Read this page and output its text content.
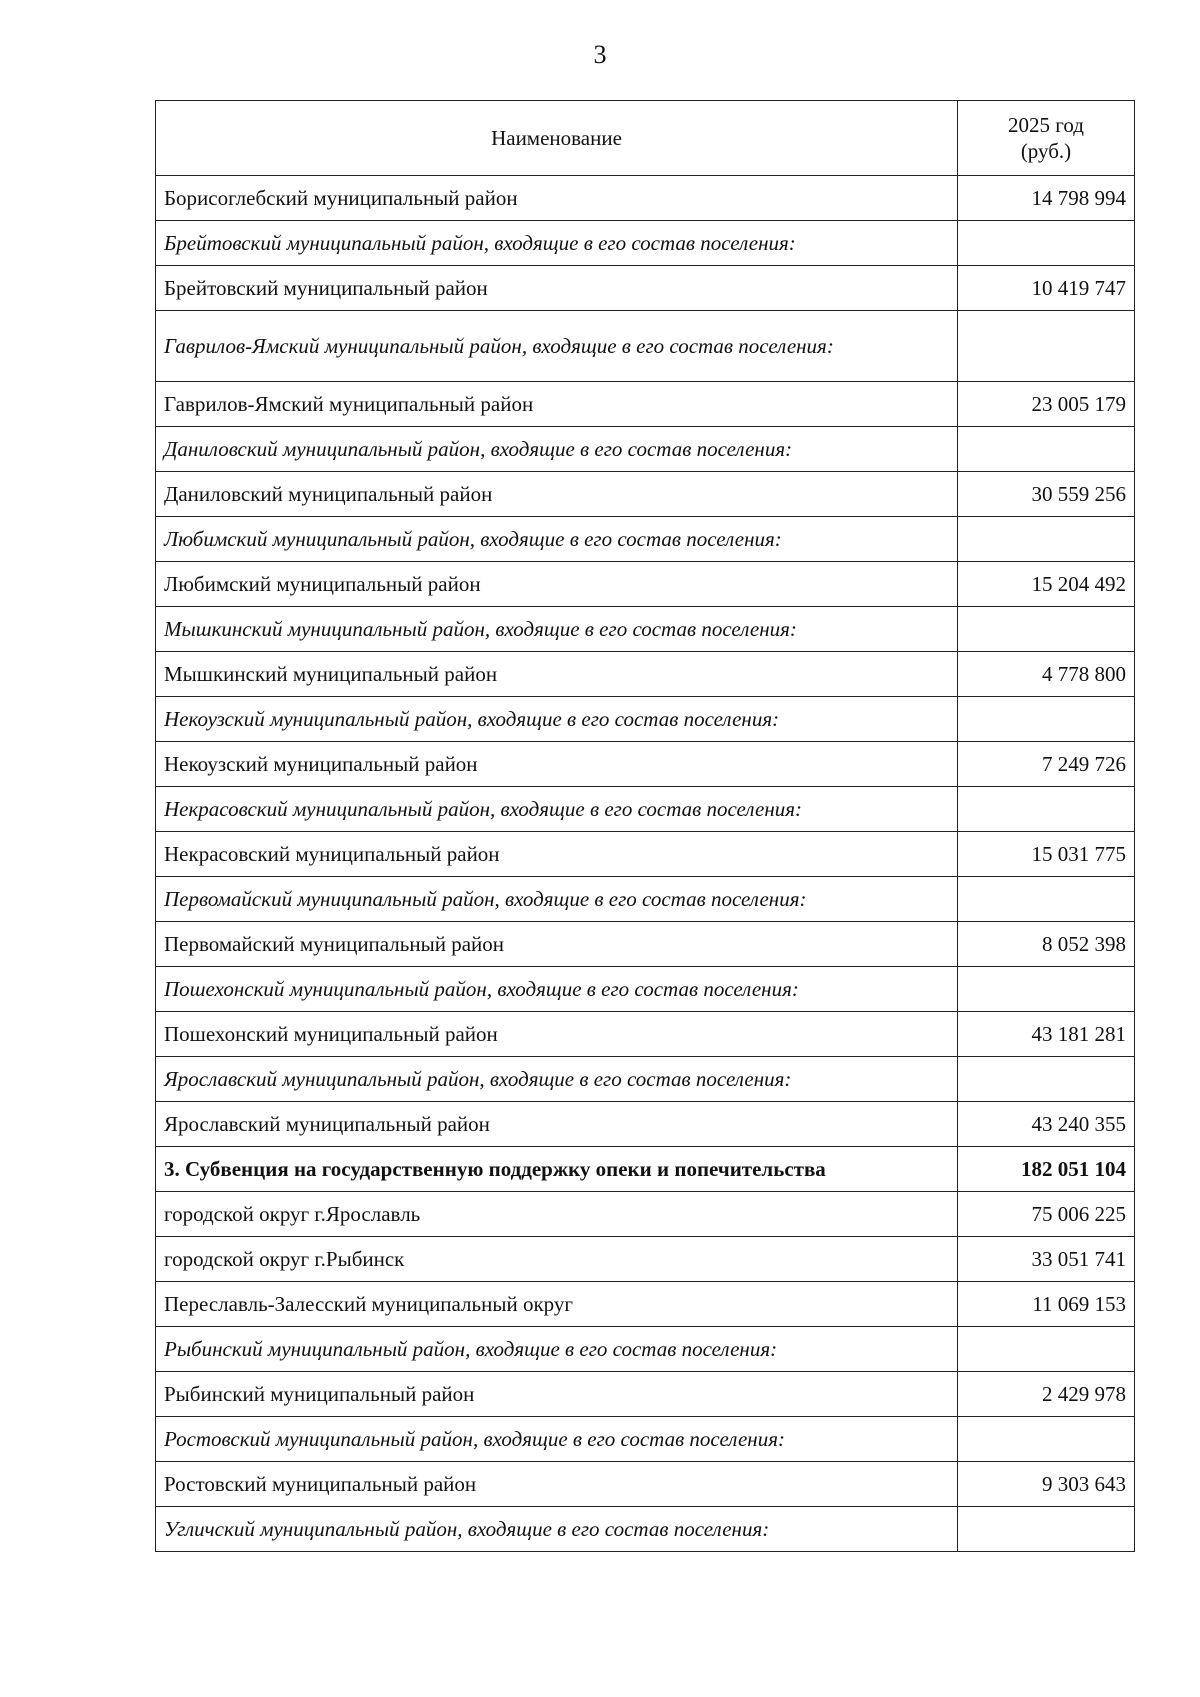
3
Наименование	2025 год
(руб.)

Борисоглебский муниципальный район	14 798 994
Брейтовский муниципальный район, входящие в его состав поселения:	
Брейтовский муниципальный район	10 419 747
Гаврилов-Ямский муниципальный район, входящие в его состав поселения:	
Гаврилов-Ямский муниципальный район	23 005 179
Даниловский муниципальный район, входящие в его состав поселения:	
Даниловский муниципальный район	30 559 256
Любимский муниципальный район, входящие в его состав поселения:	
Любимский муниципальный район	15 204 492
Мышкинский муниципальный район, входящие в его состав поселения:	
Мышкинский муниципальный район	4 778 800
Некоузский муниципальный район, входящие в его состав поселения:	
Некоузский муниципальный район	7 249 726
Некрасовский муниципальный район, входящие в его состав поселения:	
Некрасовский муниципальный район	15 031 775
Первомайский муниципальный район, входящие в его состав поселения:	
Первомайский муниципальный район	8 052 398
Пошехонский муниципальный район, входящие в его состав поселения:	
Пошехонский муниципальный район	43 181 281
Ярославский муниципальный район, входящие в его состав поселения:	
Ярославский муниципальный район	43 240 355
3. Субвенция на государственную поддержку опеки и попечительства	182 051 104
городской округ г.Ярославль	75 006 225
городской округ г.Рыбинск	33 051 741
Переславль-Залесский муниципальный округ	11 069 153
Рыбинский муниципальный район, входящие в его состав поселения:	
Рыбинский муниципальный район	2 429 978
Ростовский муниципальный район, входящие в его состав поселения:	
Ростовский муниципальный район	9 303 643
Угличский муниципальный район, входящие в его состав поселения:	
